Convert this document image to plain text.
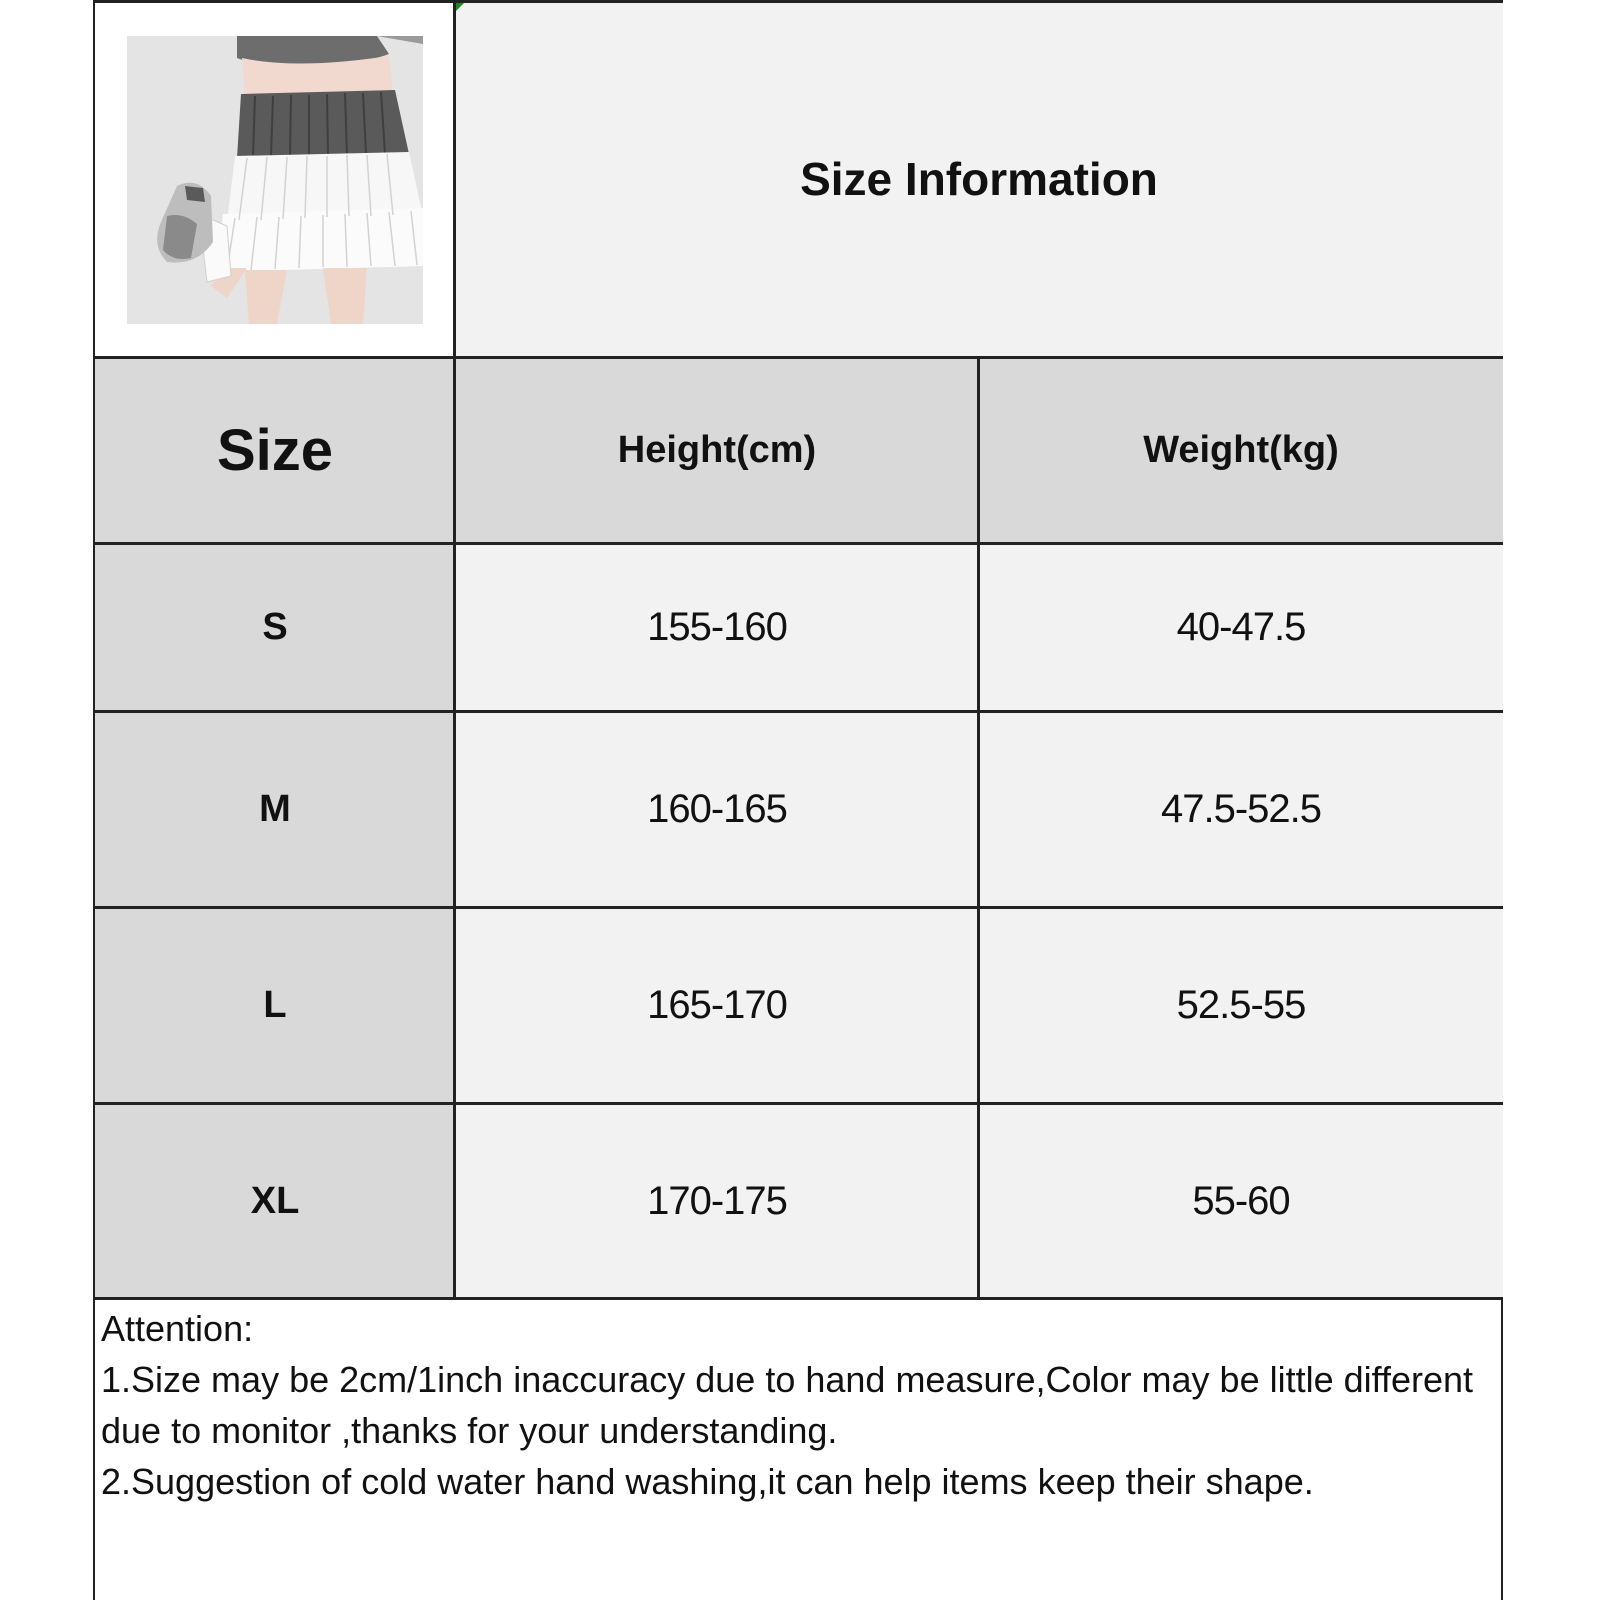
Size Information
Size	Height(cm)	Weight(kg)
S	155-160	40-47.5
M	160-165	47.5-52.5
L	165-170	52.5-55
XL	170-175	55-60

Attention:

1.Size may be 2cm/1inch inaccuracy due to hand measure,Color may be little different due to monitor ,thanks for your understanding.

2.Suggestion of cold water hand washing,it can help items keep their shape.
